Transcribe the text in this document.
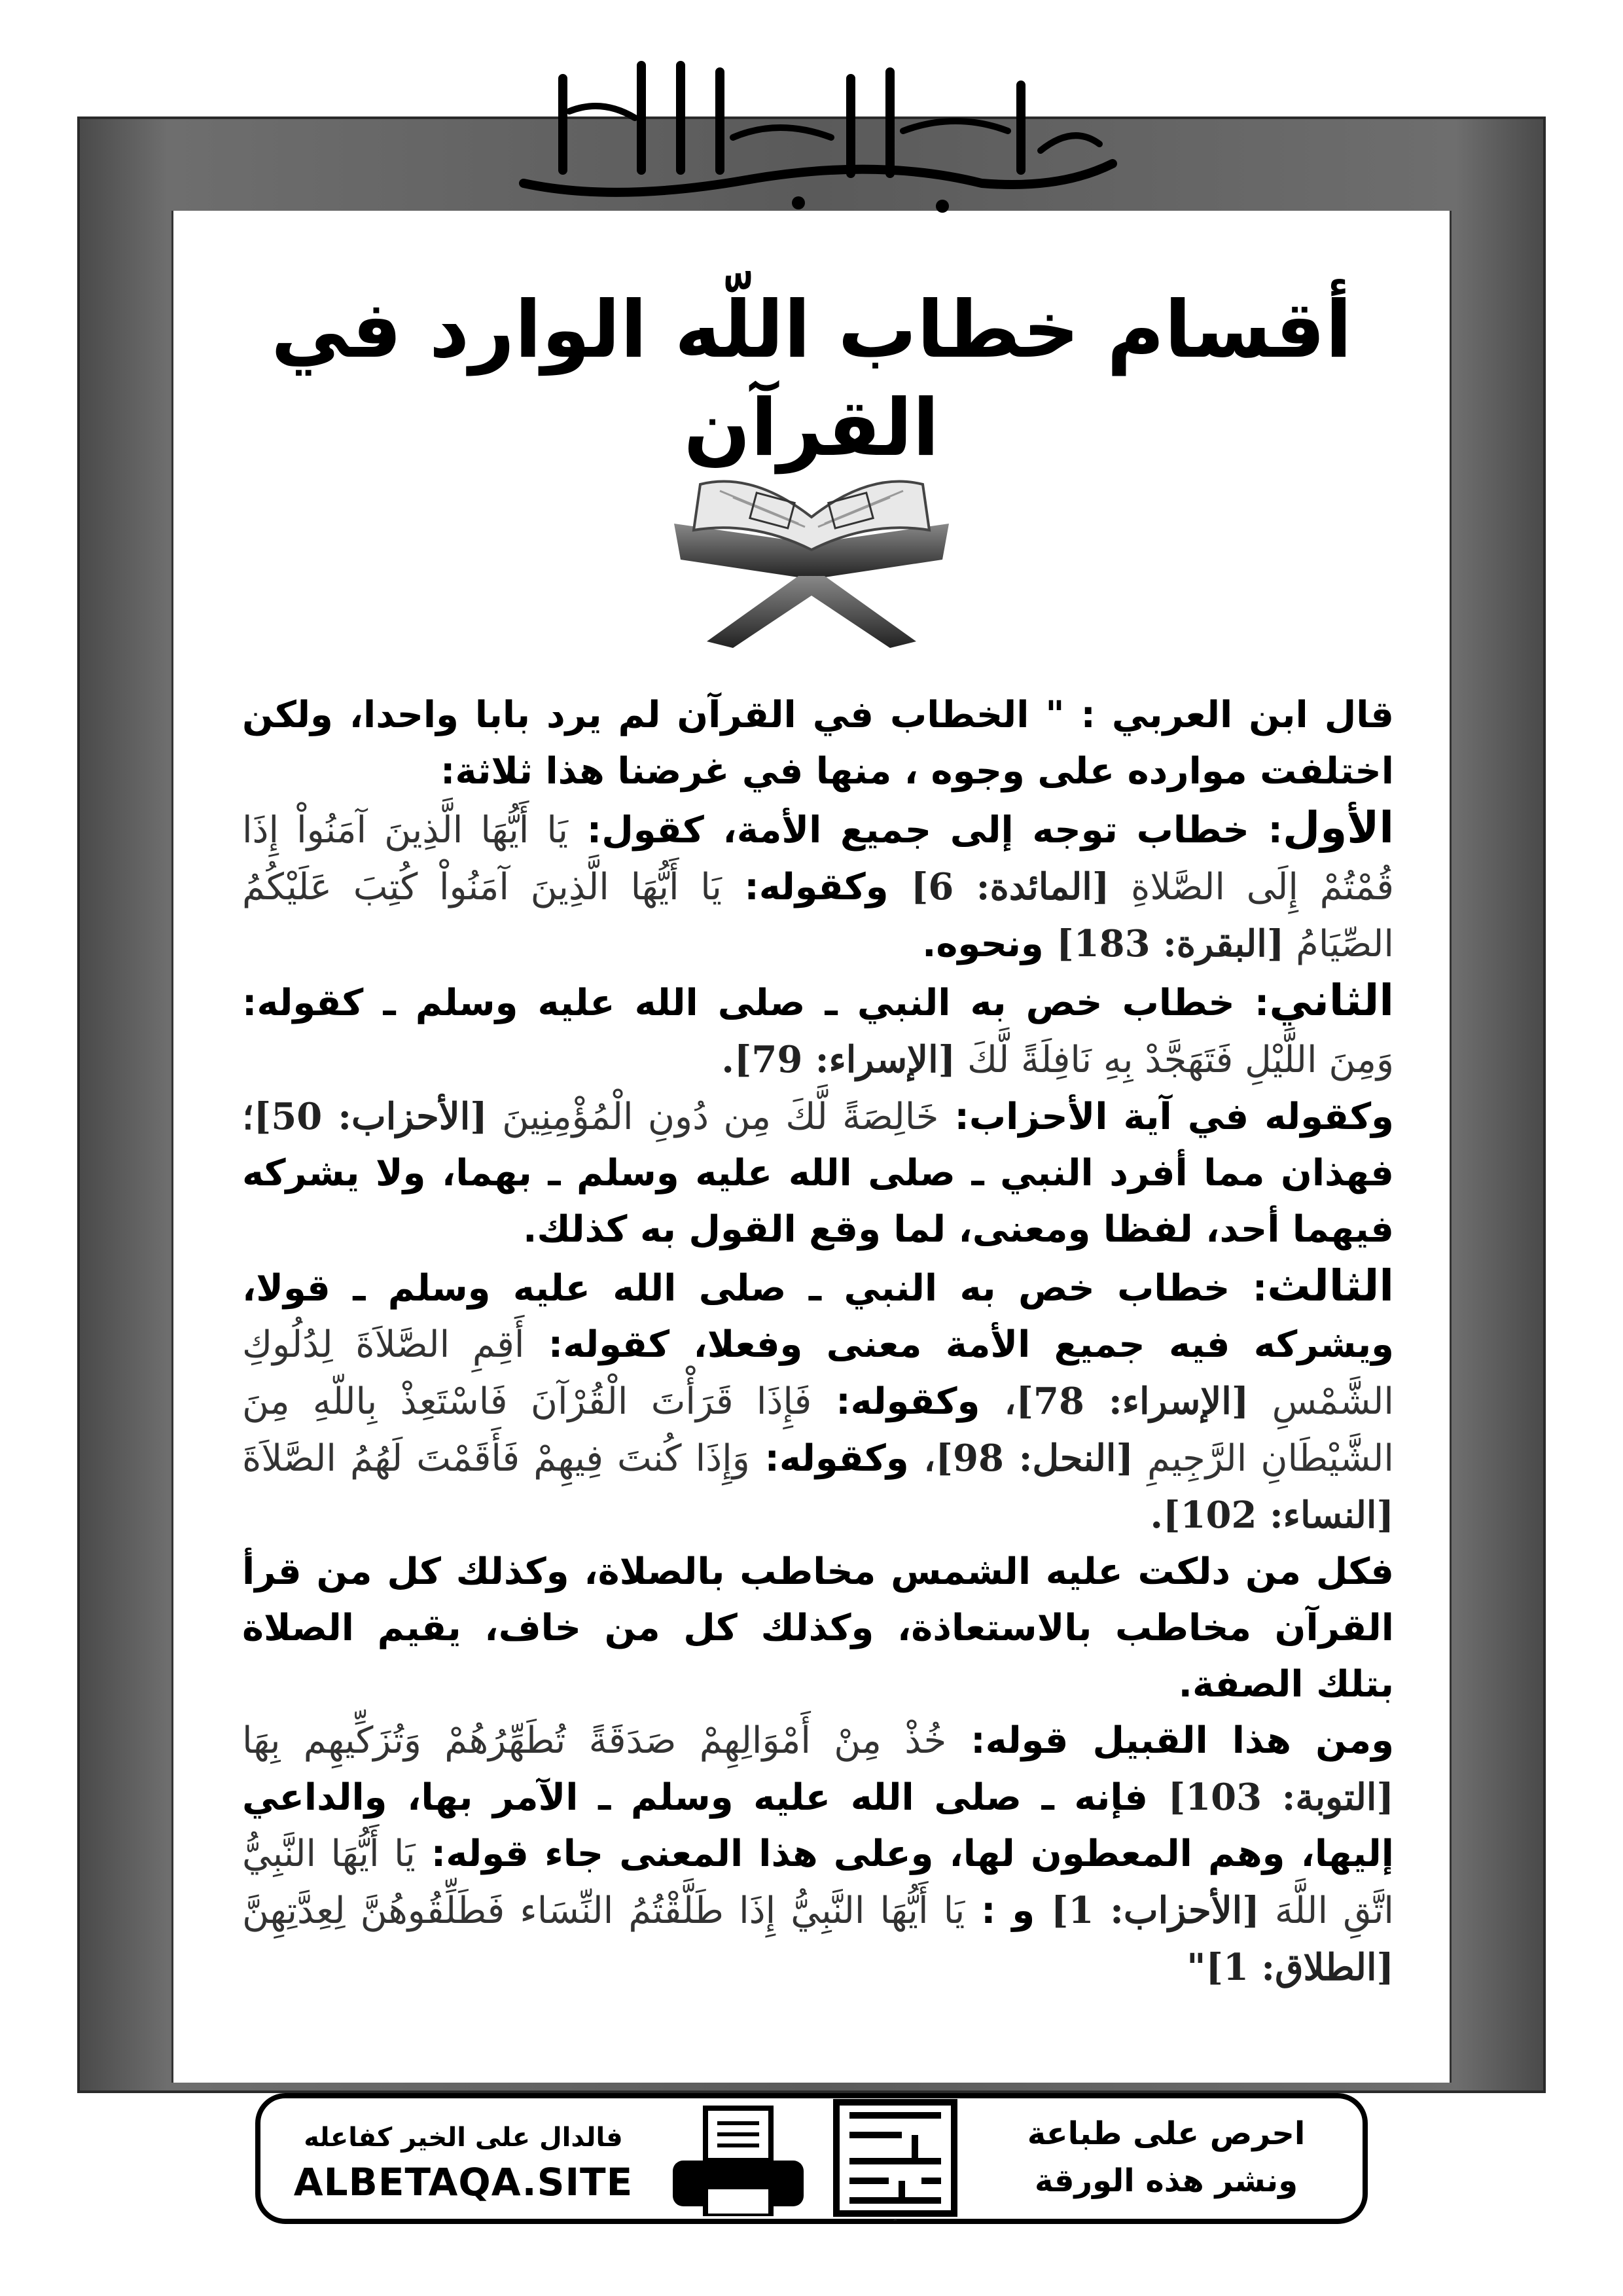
بسم الله الرحمن الرحيم
أقسام خطاب اللّه الوارد في القرآن

قال ابن العربي : " الخطاب في القرآن لم يرد بابا واحدا، ولكن اختلفت موارده على وجوه ، منها في غرضنا هذا ثلاثة:

الأول: خطاب توجه إلى جميع الأمة، كقول: يَا أَيُّهَا الَّذِينَ آمَنُواْ إِذَا قُمْتُمْ إِلَى الصَّلاةِ [المائدة: 6] وكقوله: يَا أَيُّهَا الَّذِينَ آمَنُواْ كُتِبَ عَلَيْكُمُ الصِّيَامُ [البقرة: 183] ونحوه.

الثاني: خطاب خص به النبي ـ صلى الله عليه وسلم ـ كقوله: وَمِنَ اللَّيْلِ فَتَهَجَّدْ بِهِ نَافِلَةً لَّكَ [الإسراء: 79].

وكقوله في آية الأحزاب: خَالِصَةً لَّكَ مِن دُونِ الْمُؤْمِنِينَ [الأحزاب: 50]؛ فهذان مما أفرد النبي ـ صلى الله عليه وسلم ـ بهما، ولا يشركه فيهما أحد، لفظا ومعنى، لما وقع القول به كذلك.

الثالث: خطاب خص به النبي ـ صلى الله عليه وسلم ـ قولا، ويشركه فيه جميع الأمة معنى وفعلا، كقوله: أَقِمِ الصَّلاَةَ لِدُلُوكِ الشَّمْسِ [الإسراء: 78]، وكقوله: فَإِذَا قَرَأْتَ الْقُرْآنَ فَاسْتَعِذْ بِاللّهِ مِنَ الشَّيْطَانِ الرَّجِيمِ [النحل: 98]، وكقوله: وَإِذَا كُنتَ فِيهِمْ فَأَقَمْتَ لَهُمُ الصَّلاَةَ [النساء: 102].

فكل من دلكت عليه الشمس مخاطب بالصلاة، وكذلك كل من قرأ القرآن مخاطب بالاستعاذة، وكذلك كل من خاف، يقيم الصلاة بتلك الصفة.

ومن هذا القبيل قوله: خُذْ مِنْ أَمْوَالِهِمْ صَدَقَةً تُطَهِّرُهُمْ وَتُزَكِّيهِم بِهَا [التوبة: 103] فإنه ـ صلى الله عليه وسلم ـ الآمر بها، والداعي إليها، وهم المعطون لها، وعلى هذا المعنى جاء قوله: يَا أَيُّهَا النَّبِيُّ اتَّقِ اللَّهَ [الأحزاب: 1] و : يَا أَيُّهَا النَّبِيُّ إِذَا طَلَّقْتُمُ النِّسَاء فَطَلِّقُوهُنَّ لِعِدَّتِهِنَّ [الطلاق: 1]"

احرص على طباعة
ونشر هذه الورقة
دعوة الورقة
فالدال على الخير كفاعله
ALBETAQA.SITE
